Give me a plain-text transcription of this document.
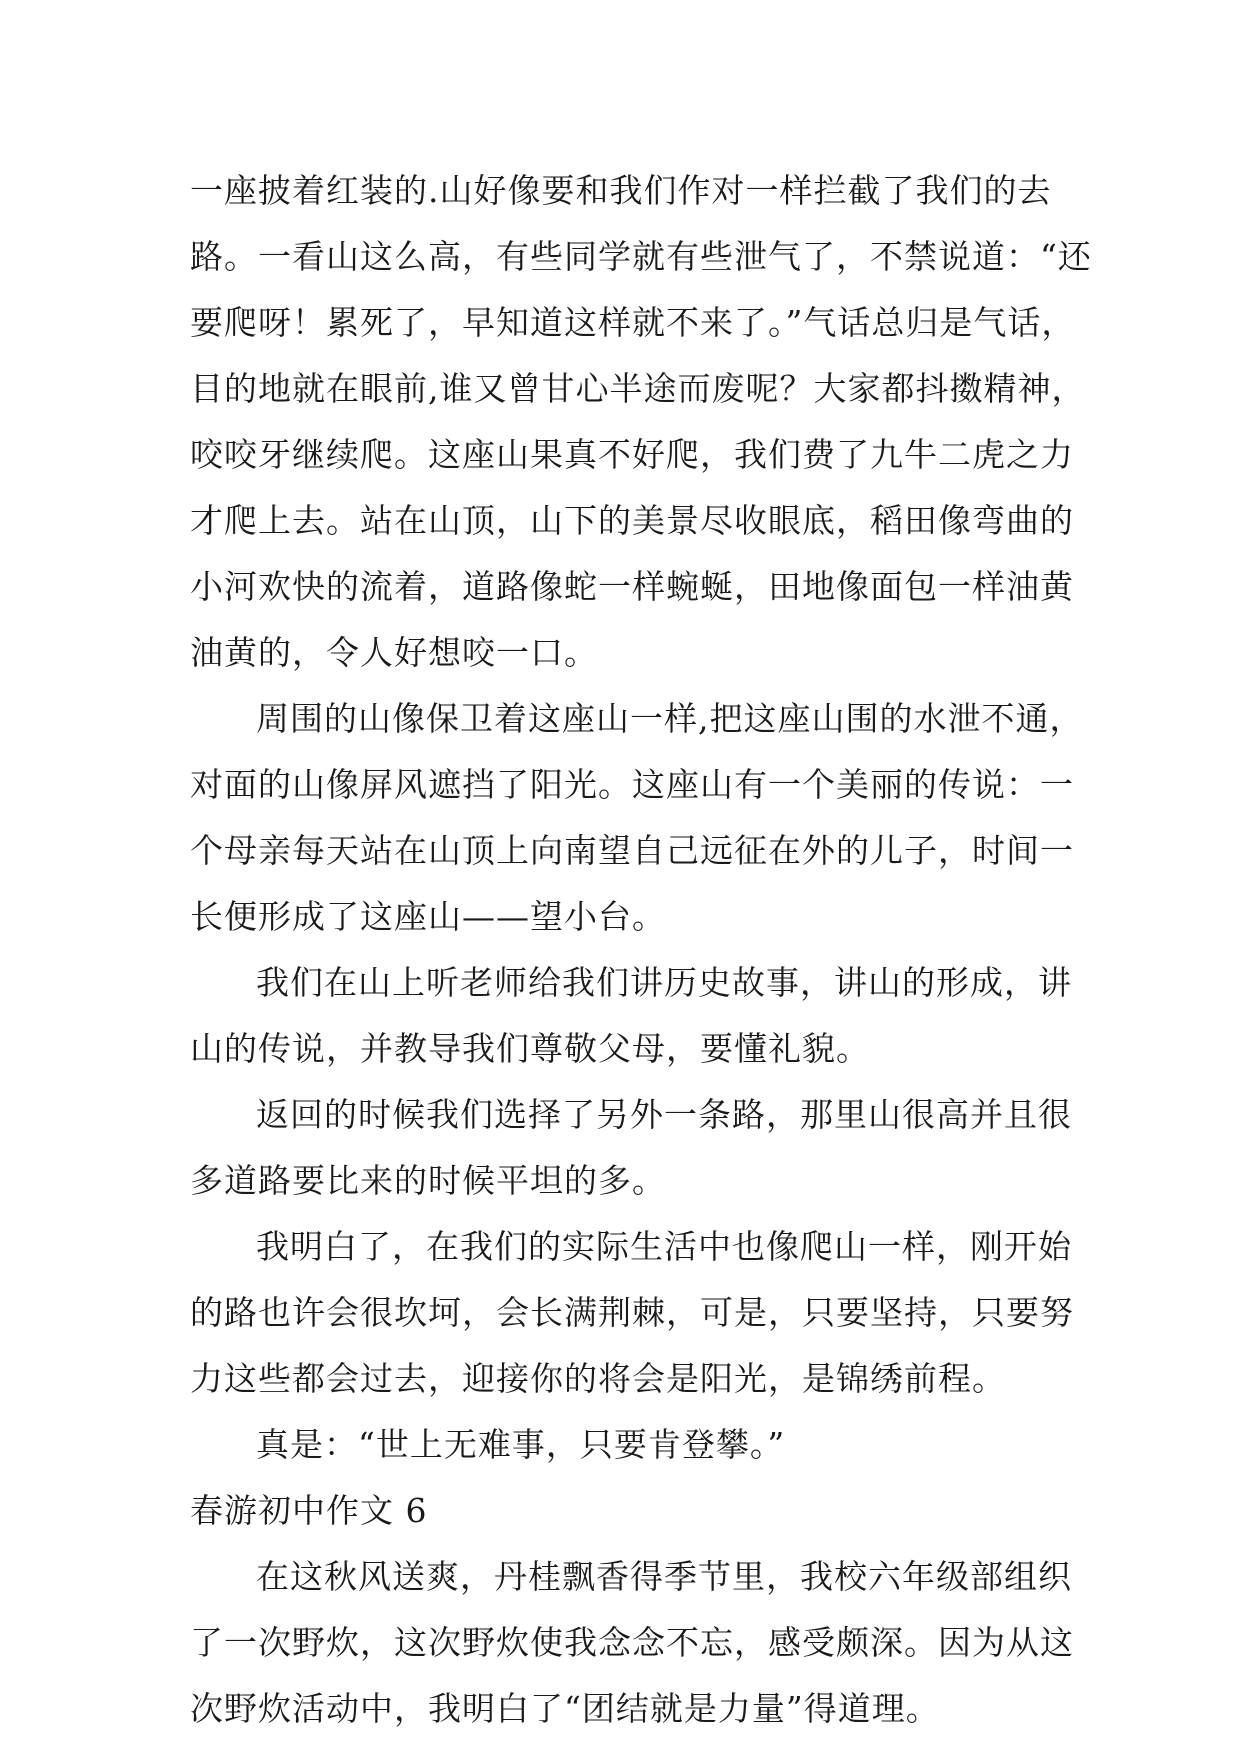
一座披着红装的.山好像要和我们作对一样拦截了我们的去
路。一看山这么高，有些同学就有些泄气了，不禁说道：“还
要爬呀！累死了，早知道这样就不来了。”气话总归是气话，
目的地就在眼前,谁又曾甘心半途而废呢？大家都抖擞精神，
咬咬牙继续爬。这座山果真不好爬，我们费了九牛二虎之力
才爬上去。站在山顶，山下的美景尽收眼底，稻田像弯曲的
小河欢快的流着，道路像蛇一样蜿蜒，田地像面包一样油黄
油黄的，令人好想咬一口。
周围的山像保卫着这座山一样,把这座山围的水泄不通，
对面的山像屏风遮挡了阳光。这座山有一个美丽的传说：一
个母亲每天站在山顶上向南望自己远征在外的儿子，时间一
长便形成了这座山——望小台。
我们在山上听老师给我们讲历史故事，讲山的形成，讲
山的传说，并教导我们尊敬父母，要懂礼貌。
返回的时候我们选择了另外一条路，那里山很高并且很
多道路要比来的时候平坦的多。
我明白了，在我们的实际生活中也像爬山一样，刚开始
的路也许会很坎坷，会长满荆棘，可是，只要坚持，只要努
力这些都会过去，迎接你的将会是阳光，是锦绣前程。
真是：“世上无难事，只要肯登攀。”
春游初中作文 6
在这秋风送爽，丹桂飘香得季节里，我校六年级部组织
了一次野炊，这次野炊使我念念不忘，感受颇深。因为从这
次野炊活动中，我明白了“团结就是力量”得道理。
